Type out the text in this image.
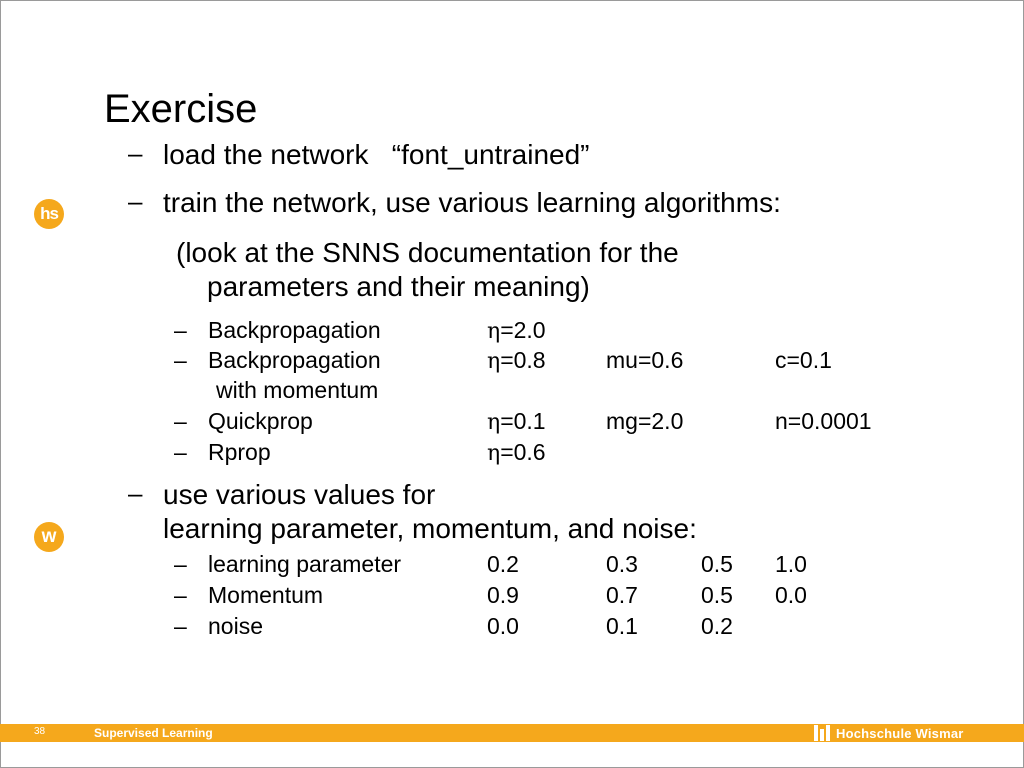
hs
w
Exercise
– load the network   “font_untrained”
– train the network, use various learning algorithms:
(look at the SNNS documentation for the
parameters and their meaning)
– Backpropagation	η=2.0
– Backpropagation	η=0.8	mu=0.6	c=0.1
with momentum
– Quickprop	η=0.1	mg=2.0	n=0.0001
– Rprop	η=0.6
– use various values for
learning parameter, momentum, and noise:
– learning parameter	0.2	0.3	0.5 1.0
– Momentum	0.9	0.7	0.5 0.0
– noise	0.0	0.1	0.2
38	Supervised Learning	Hochschule Wismar
